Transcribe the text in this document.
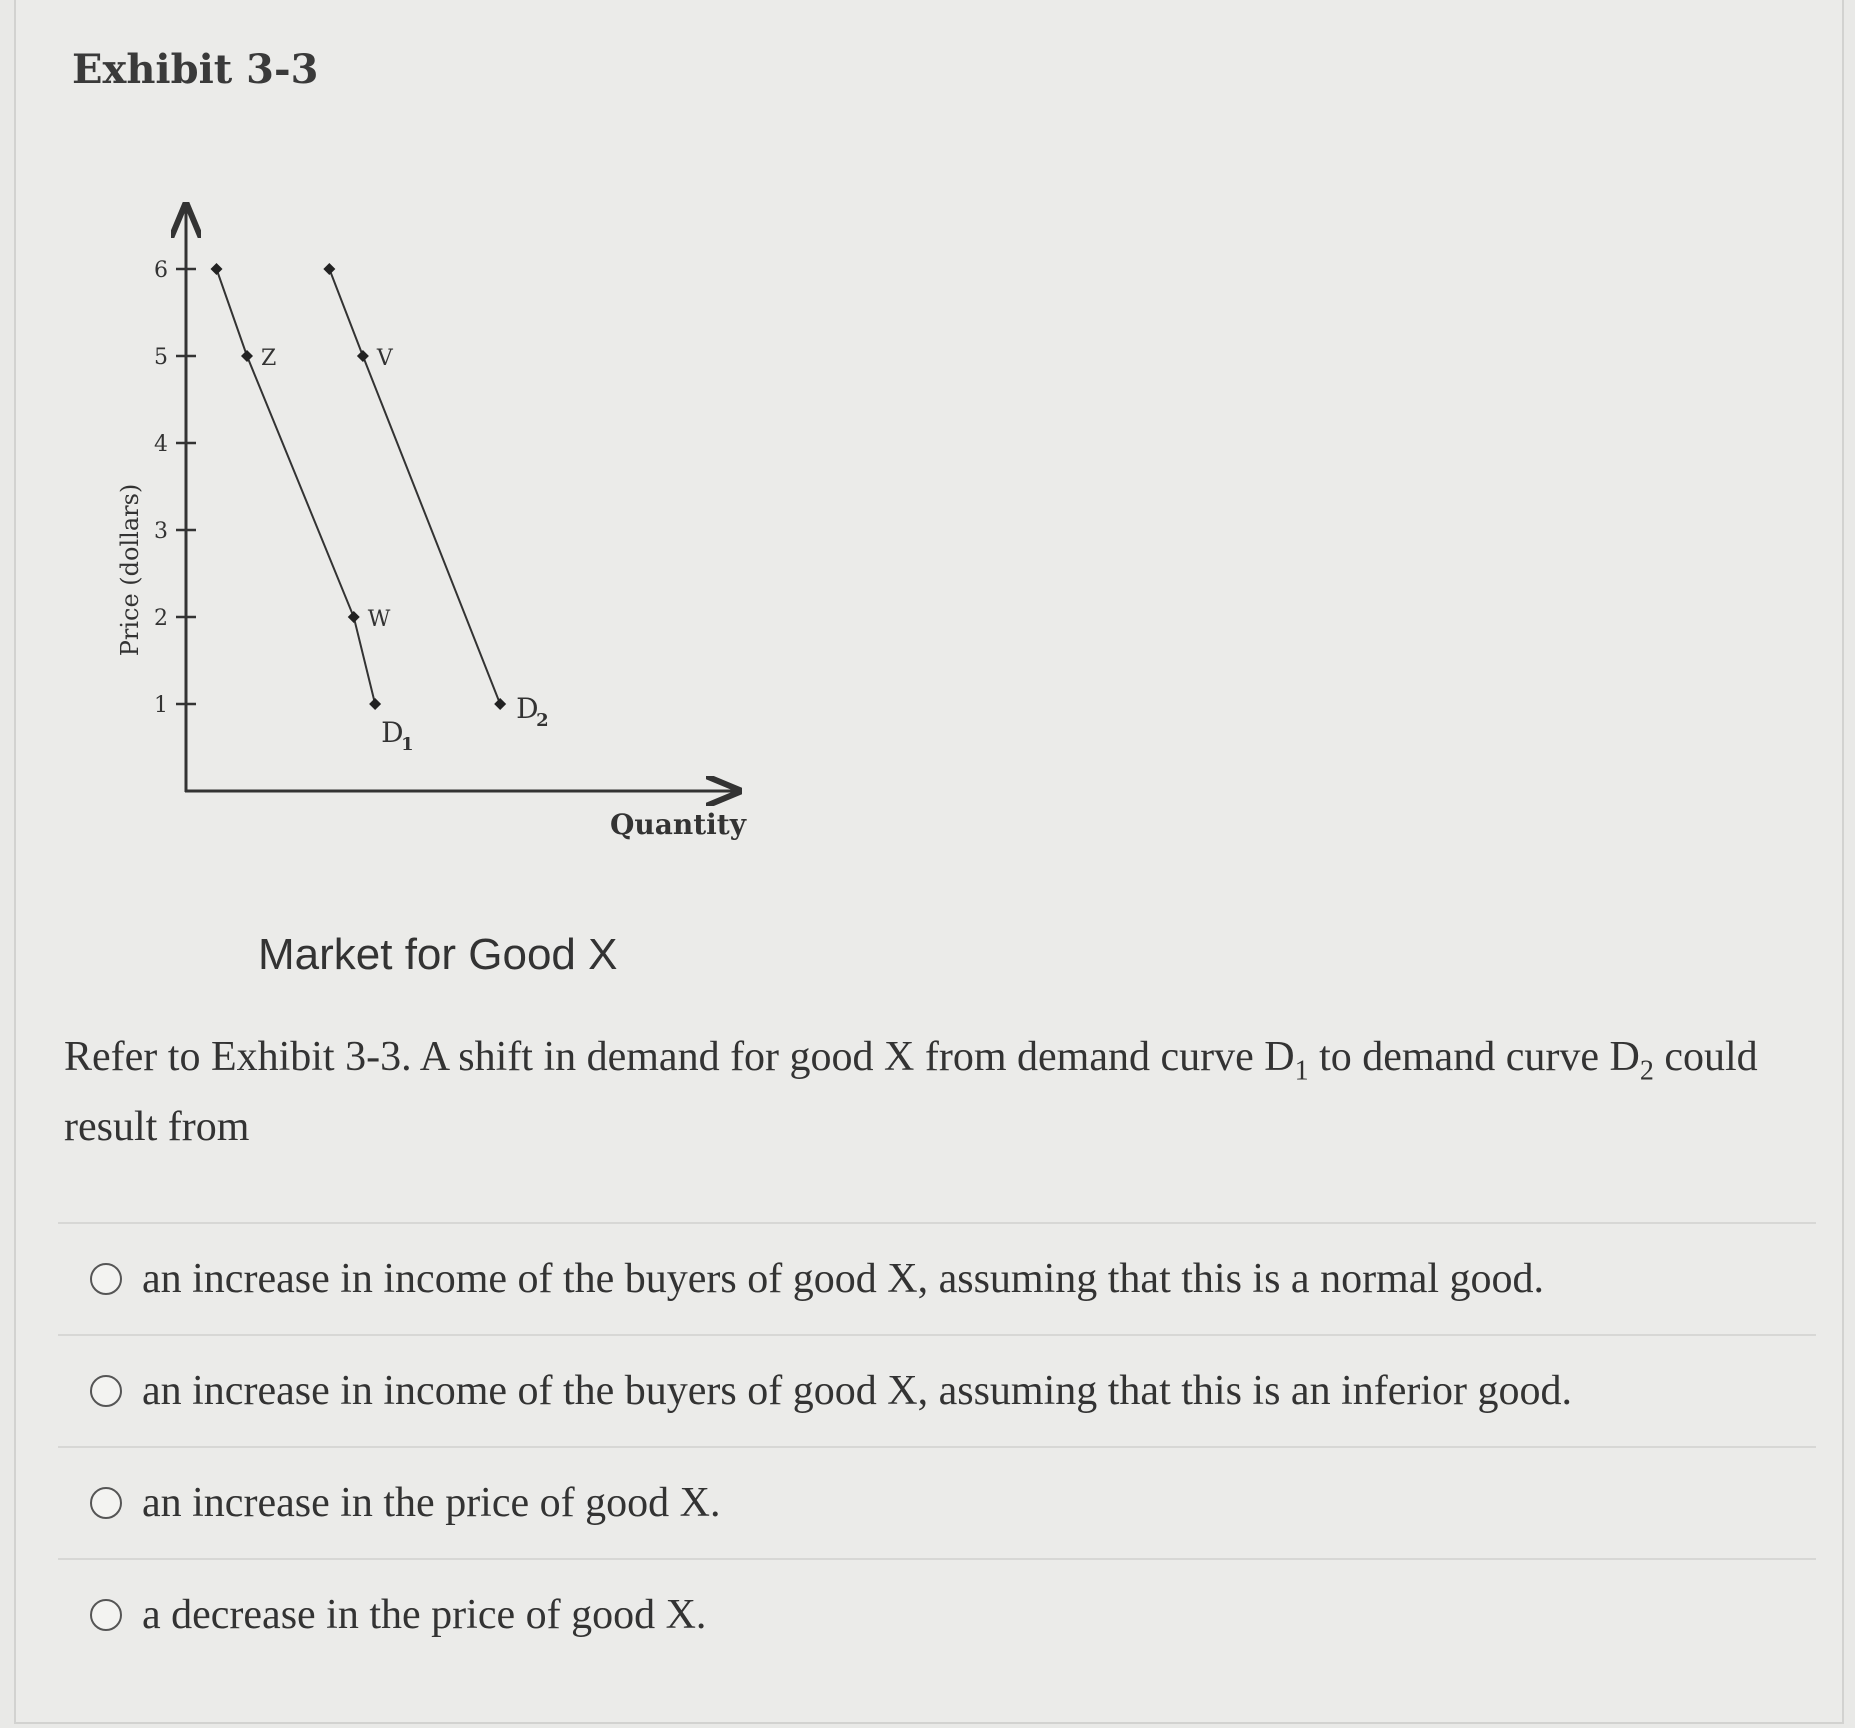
Exhibit 3-3
Price (dollars)
Quantity
1
2
3
4
5
6
Z
W
D
1
V
D
2
Market for Good X

Refer to Exhibit 3-3. A shift in demand for good X from demand curve $D_1$ to demand curve $D_2$ could result from

an increase in income of the buyers of good X, assuming that this is a normal good.
an increase in income of the buyers of good X, assuming that this is an inferior good.
an increase in the price of good X.
a decrease in the price of good X.
